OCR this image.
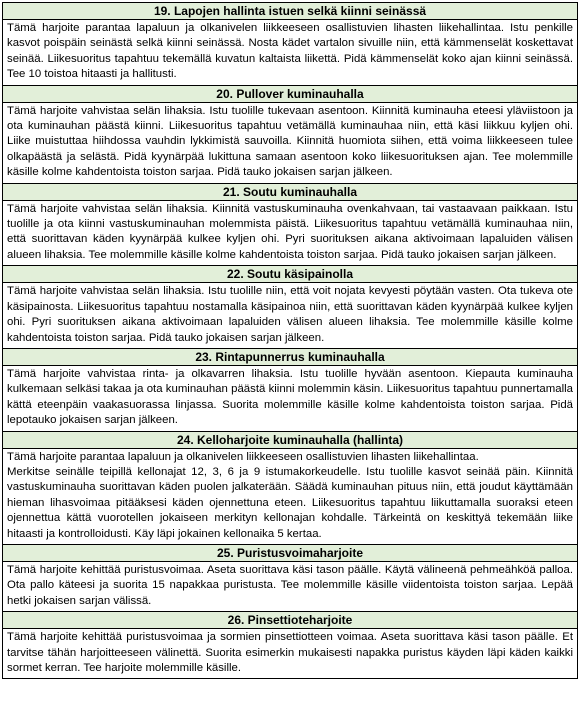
19. Lapojen hallinta istuen selkä kiinni seinässä

Tämä harjoite parantaa lapaluun ja olkanivelen liikkeeseen osallistuvien lihasten liikehallintaa. Istu penkille kasvot poispäin seinästä selkä kiinni seinässä. Nosta kädet vartalon sivuille niin, että kämmenselät koskettavat seinää. Liikesuoritus tapahtuu tekemällä kuvatun kaltaista liikettä. Pidä kämmenselät koko ajan kiinni seinässä. Tee 10 toistoa hitaasti ja hallitusti.

20. Pullover kuminauhalla

Tämä harjoite vahvistaa selän lihaksia. Istu tuolille tukevaan asentoon. Kiinnitä kuminauha eteesi yläviistoon ja ota kuminauhan päästä kiinni. Liikesuoritus tapahtuu vetämällä kuminauhaa niin, että käsi liikkuu kyljen ohi. Liike muistuttaa hiihdossa vauhdin lykkimistä sauvoilla. Kiinnitä huomiota siihen, että voima liikkeeseen tulee olkapäästä ja selästä. Pidä kyynärpää lukittuna samaan asentoon koko liikesuorituksen ajan. Tee molemmille käsille kolme kahdentoista toiston sarjaa. Pidä tauko jokaisen sarjan jälkeen.

21. Soutu kuminauhalla

Tämä harjoite vahvistaa selän lihaksia. Kiinnitä vastuskuminauha ovenkahvaan, tai vastaavaan paikkaan. Istu tuolille ja ota kiinni vastuskuminauhan molemmista päistä. Liikesuoritus tapahtuu vetämällä kuminauhaa niin, että suorittavan käden kyynärpää kulkee kyljen ohi. Pyri suorituksen aikana aktivoimaan lapaluiden välisen alueen lihaksia. Tee molemmille käsille kolme kahdentoista toiston sarjaa. Pidä tauko jokaisen sarjan jälkeen.

22. Soutu käsipainolla

Tämä harjoite vahvistaa selän lihaksia. Istu tuolille niin, että voit nojata kevyesti pöytään vasten. Ota tukeva ote käsipainosta. Liikesuoritus tapahtuu nostamalla käsipainoa niin, että suorittavan käden kyynärpää kulkee kyljen ohi. Pyri suorituksen aikana aktivoimaan lapaluiden välisen alueen lihaksia. Tee molemmille käsille kolme kahdentoista toiston sarjaa. Pidä tauko jokaisen sarjan jälkeen.

23. Rintapunnerrus kuminauhalla

Tämä harjoite vahvistaa rinta- ja olkavarren lihaksia. Istu tuolille hyvään asentoon. Kiepauta kuminauha kulkemaan selkäsi takaa ja ota kuminauhan päästä kiinni molemmin käsin. Liikesuoritus tapahtuu punnertamalla kättä eteenpäin vaakasuorassa linjassa. Suorita molemmille käsille kolme kahdentoista toiston sarjaa. Pidä lepotauko jokaisen sarjan jälkeen.

24. Kelloharjoite kuminauhalla (hallinta)

Tämä harjoite parantaa lapaluun ja olkanivelen liikkeeseen osallistuvien lihasten liikehallintaa.
Merkitse seinälle teipillä kellonajat 12, 3, 6 ja 9 istumakorkeudelle. Istu tuolille kasvot seinää päin. Kiinnitä vastuskuminauha suorittavan käden puolen jalkaterään. Säädä kuminauhan pituus niin, että joudut käyttämään hieman lihasvoimaa pitääksesi käden ojennettuna eteen. Liikesuoritus tapahtuu liikuttamalla suoraksi eteen ojennettua kättä vuorotellen jokaiseen merkityn kellonajan kohdalle. Tärkeintä on keskittyä tekemään liike hitaasti ja kontrolloidusti. Käy läpi jokainen kellonaika 5 kertaa.

25. Puristusvoimaharjoite

Tämä harjoite kehittää puristusvoimaa. Aseta suorittava käsi tason päälle. Käytä välineenä pehmeähköä palloa. Ota pallo käteesi ja suorita 15 napakkaa puristusta. Tee molemmille käsille viidentoista toiston sarjaa. Lepää hetki jokaisen sarjan välissä.

26. Pinsettioteharjoite

Tämä harjoite kehittää puristusvoimaa ja sormien pinsettiotteen voimaa. Aseta suorittava käsi tason päälle. Et tarvitse tähän harjoitteeseen välinettä. Suorita esimerkin mukaisesti napakka puristus käyden läpi käden kaikki sormet kerran. Tee harjoite molemmille käsille.
